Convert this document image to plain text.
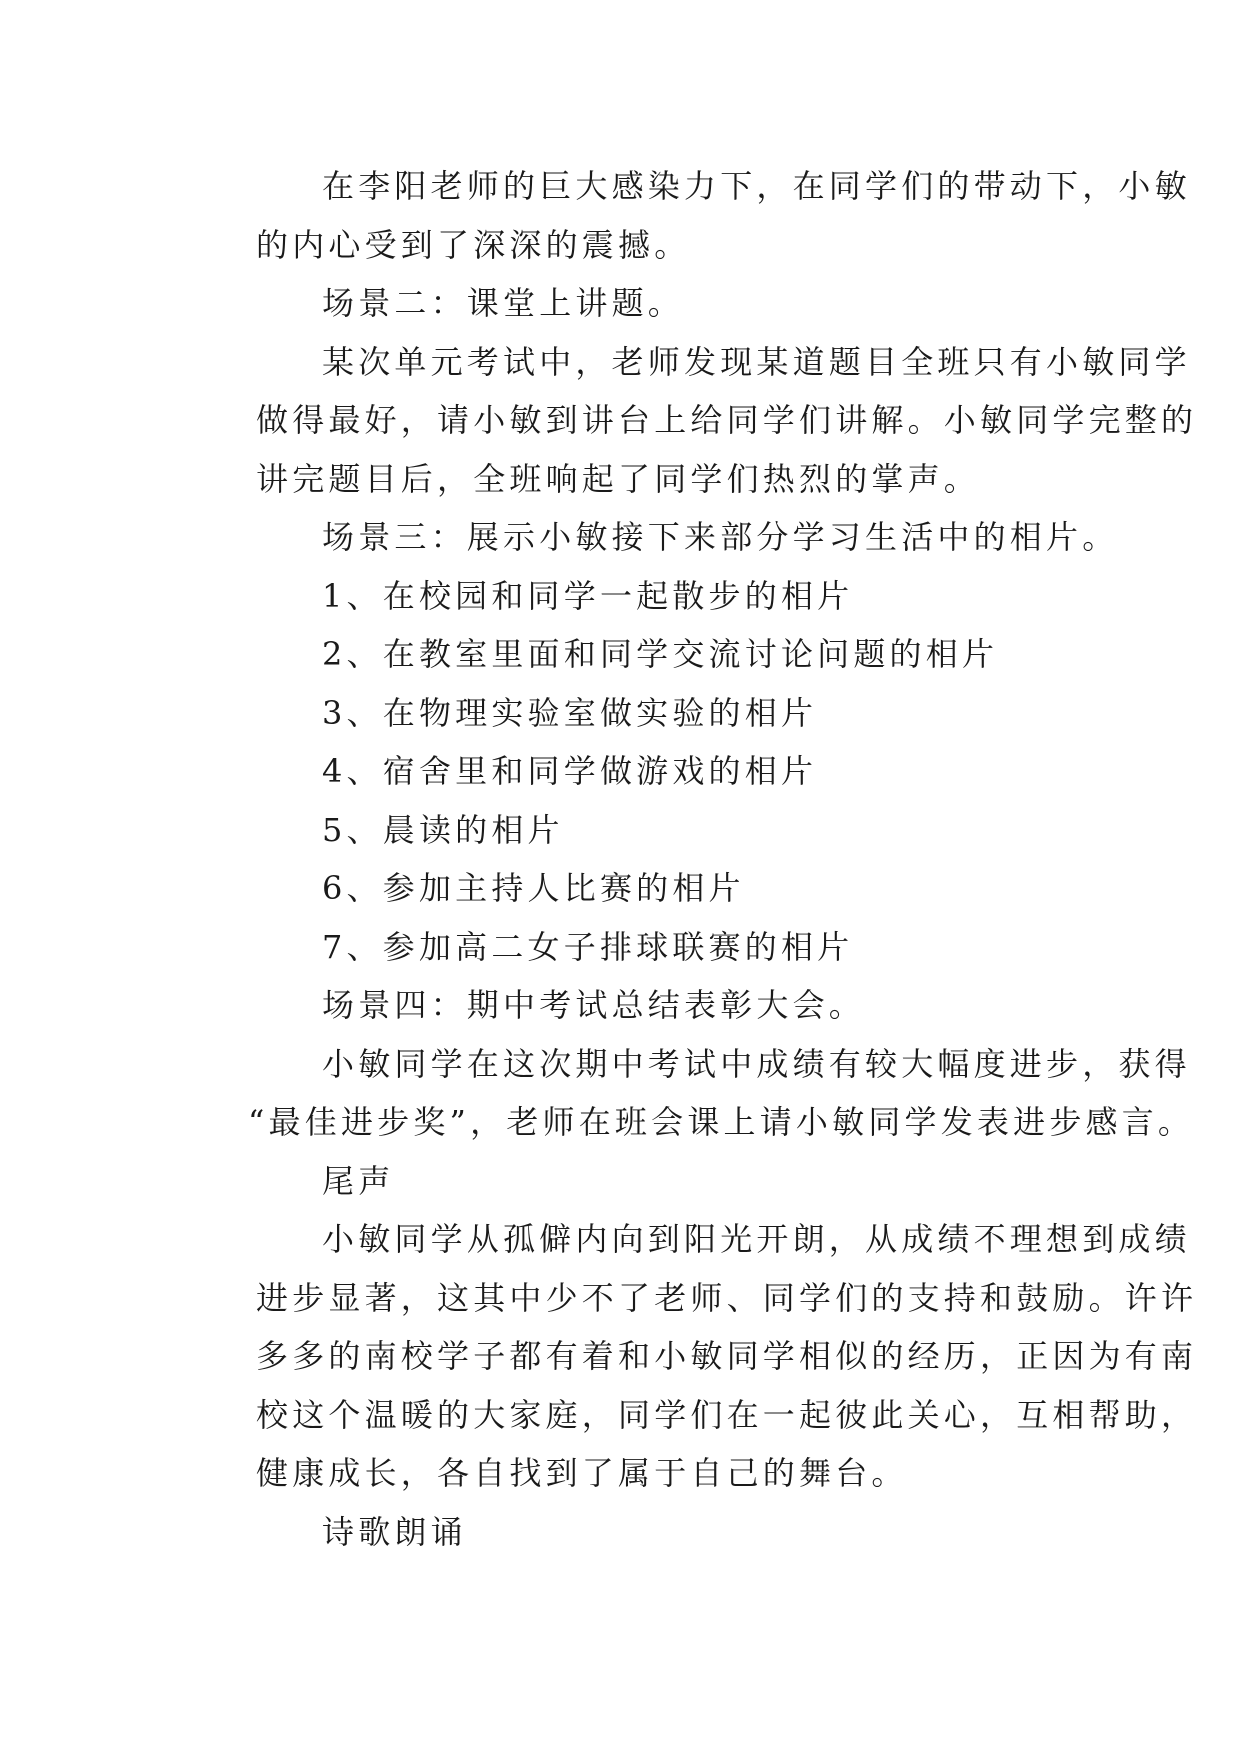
在李阳老师的巨大感染力下，在同学们的带动下，小敏
的内心受到了深深的震撼。
场景二：课堂上讲题。
某次单元考试中，老师发现某道题目全班只有小敏同学
做得最好，请小敏到讲台上给同学们讲解。小敏同学完整的
讲完题目后，全班响起了同学们热烈的掌声。
场景三：展示小敏接下来部分学习生活中的相片。
1、在校园和同学一起散步的相片
2、在教室里面和同学交流讨论问题的相片
3、在物理实验室做实验的相片
4、宿舍里和同学做游戏的相片
5、晨读的相片
6、参加主持人比赛的相片
7、参加高二女子排球联赛的相片
场景四：期中考试总结表彰大会。
小敏同学在这次期中考试中成绩有较大幅度进步，获得
“最佳进步奖”，老师在班会课上请小敏同学发表进步感言。
尾声
小敏同学从孤僻内向到阳光开朗，从成绩不理想到成绩
进步显著，这其中少不了老师、同学们的支持和鼓励。许许
多多的南校学子都有着和小敏同学相似的经历，正因为有南
校这个温暖的大家庭，同学们在一起彼此关心，互相帮助，
健康成长，各自找到了属于自己的舞台。
诗歌朗诵
